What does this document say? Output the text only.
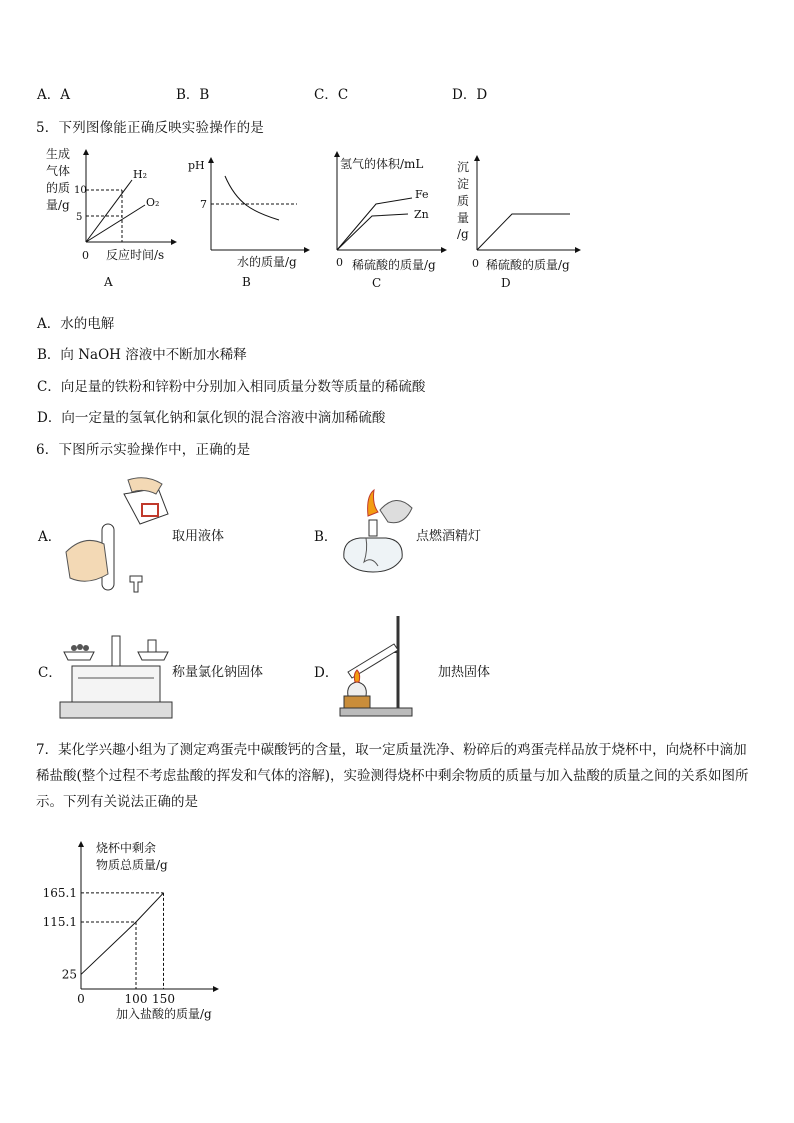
A．A	B．B	C．C	D．D
5．下列图像能正确反映实验操作的是
生成
气体
的质
量/g
10
5
H₂
O₂
0 反应时间/s
A
pH
7
水的质量/g
B
氢气的体积/mL
Fe
Zn
0 稀硫酸的质量/g
C
沉
淀
质
量
/g
0 稀硫酸的质量/g
D
A．水的电解
B．向 NaOH 溶液中不断加水稀释
C．向足量的铁粉和锌粉中分别加入相同质量分数等质量的稀硫酸
D．向一定量的氢氧化钠和氯化钡的混合溶液中滴加稀硫酸
6．下图所示实验操作中，正确的是
A．	取用液体	B．	点燃酒精灯
C．	称量氯化钠固体	D．	加热固体
7．某化学兴趣小组为了测定鸡蛋壳中碳酸钙的含量，取一定质量洗净、粉碎后的鸡蛋壳样品放于烧杯中，向烧杯中滴加稀盐酸(整个过程不考虑盐酸的挥发和气体的溶解)，实验测得烧杯中剩余物质的质量与加入盐酸的质量之间的关系如图所示。下列有关说法正确的是
烧杯中剩余
物质总质量/g
加入盐酸的质量/g
165.1
115.1
25
0	100 150
